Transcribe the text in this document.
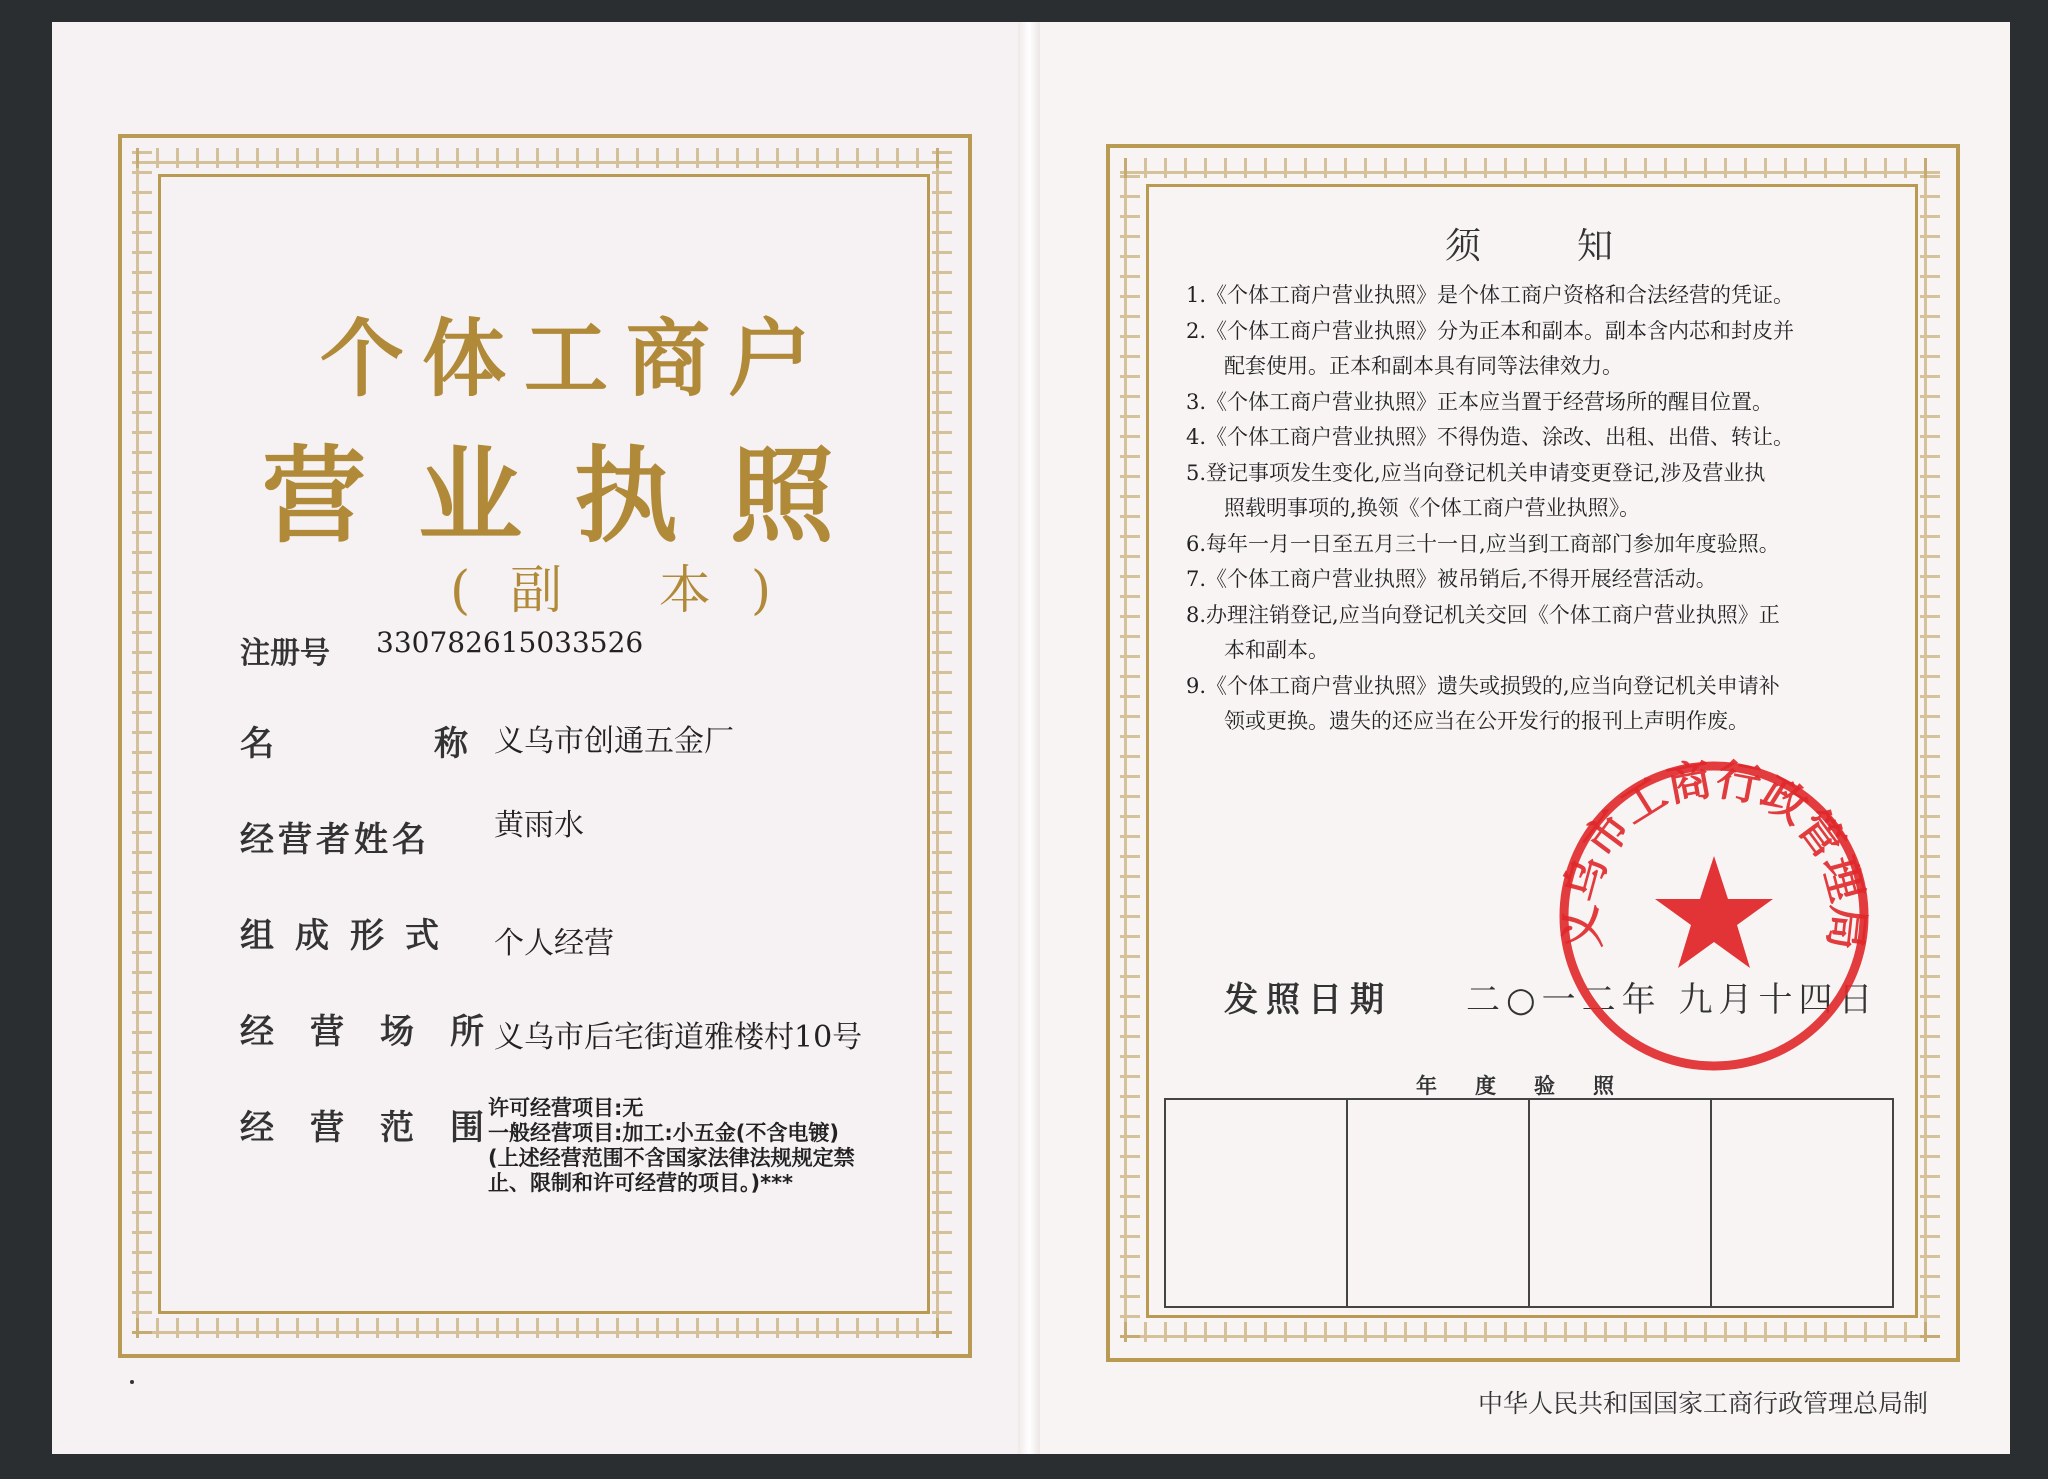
个体工商户
营业执照
(副 本)
注册号 330782615033526
名	称 义乌市创通五金厂
经营者姓名 黄雨水
组成形式 个人经营
经营场所
义乌市后宅街道雅楼村10号
经营范围
许可经营项目:无
一般经营项目:加工:小五金(不含电镀)
(上述经营范围不含国家法律法规规定禁
止、限制和许可经营的项目。)***
须知
1.《个体工商户营业执照》是个体工商户资格和合法经营的凭证。
2.《个体工商户营业执照》分为正本和副本。副本含内芯和封皮并
配套使用。正本和副本具有同等法律效力。
3.《个体工商户营业执照》正本应当置于经营场所的醒目位置。
4.《个体工商户营业执照》不得伪造、涂改、出租、出借、转让。
5.登记事项发生变化,应当向登记机关申请变更登记,涉及营业执
照载明事项的,换领《个体工商户营业执照》。
6.每年一月一日至五月三十一日,应当到工商部门参加年度验照。
7.《个体工商户营业执照》被吊销后,不得开展经营活动。
8.办理注销登记,应当向登记机关交回《个体工商户营业执照》正
本和副本。
9.《个体工商户营业执照》遗失或损毁的,应当向登记机关申请补
领或更换。遗失的还应当在公开发行的报刊上声明作废。
发照日期 二○一二年 九月十四日
年度验照
中华人民共和国国家工商行政管理总局制
义乌市工商行政管理局
